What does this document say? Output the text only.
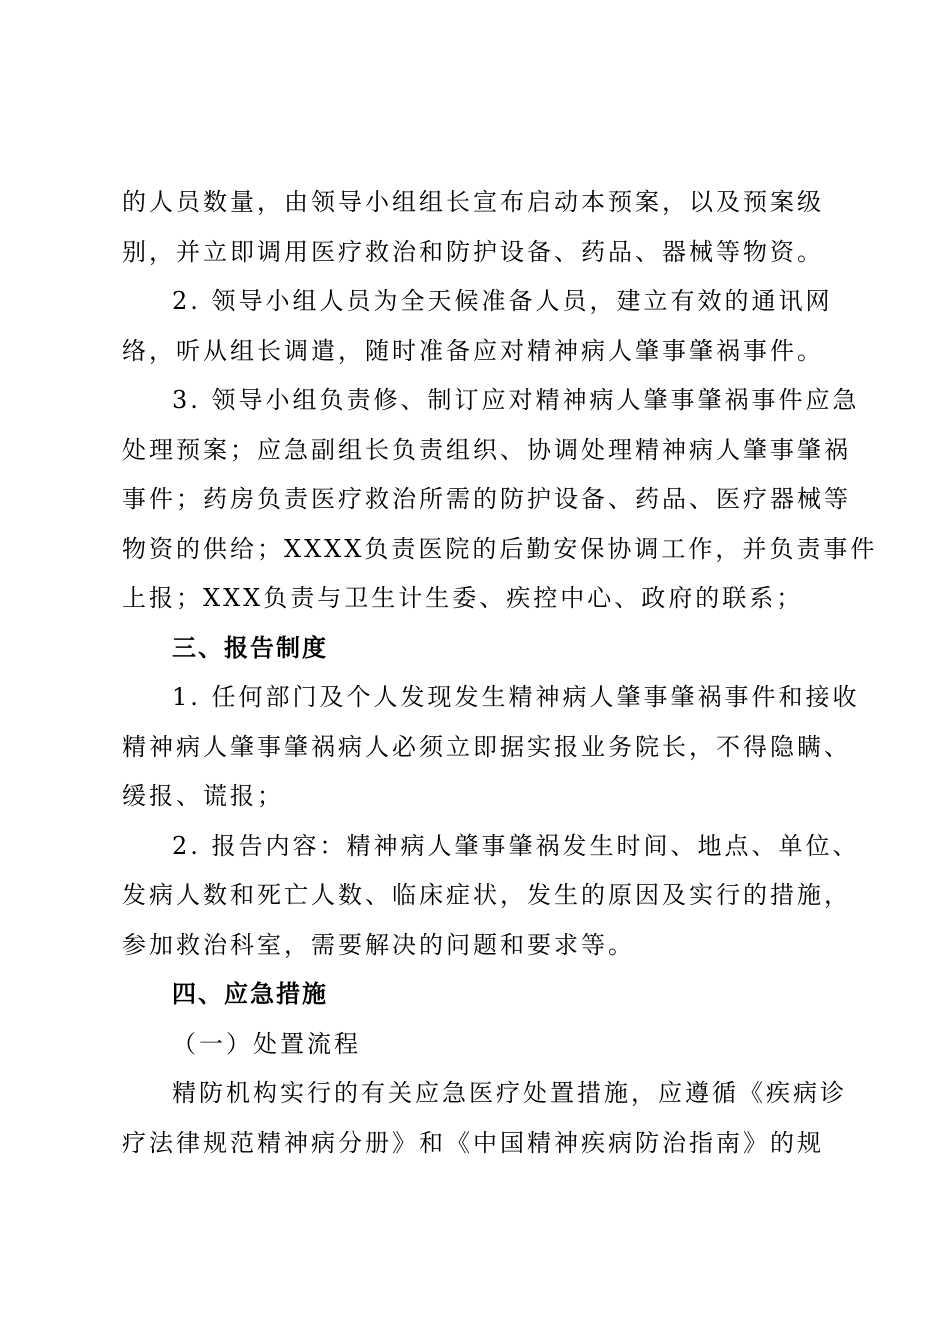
的人员数量，由领导小组组长宣布启动本预案，以及预案级

别，并立即调用医疗救治和防护设备、药品、器械等物资。

2. 领导小组人员为全天候准备人员，建立有效的通讯网

络，听从组长调遣，随时准备应对精神病人肇事肇祸事件。

3. 领导小组负责修、制订应对精神病人肇事肇祸事件应急

处理预案；应急副组长负责组织、协调处理精神病人肇事肇祸

事件；药房负责医疗救治所需的防护设备、药品、医疗器械等

物资的供给；XXXX负责医院的后勤安保协调工作，并负责事件

上报；XXX负责与卫生计生委、疾控中心、政府的联系；

三、报告制度

1. 任何部门及个人发现发生精神病人肇事肇祸事件和接收

精神病人肇事肇祸病人必须立即据实报业务院长，不得隐瞒、

缓报、谎报；

2. 报告内容：精神病人肇事肇祸发生时间、地点、单位、

发病人数和死亡人数、临床症状，发生的原因及实行的措施，

参加救治科室，需要解决的问题和要求等。

四、应急措施

（一）处置流程

精防机构实行的有关应急医疗处置措施，应遵循《疾病诊

疗法律规范精神病分册》和《中国精神疾病防治指南》的规
